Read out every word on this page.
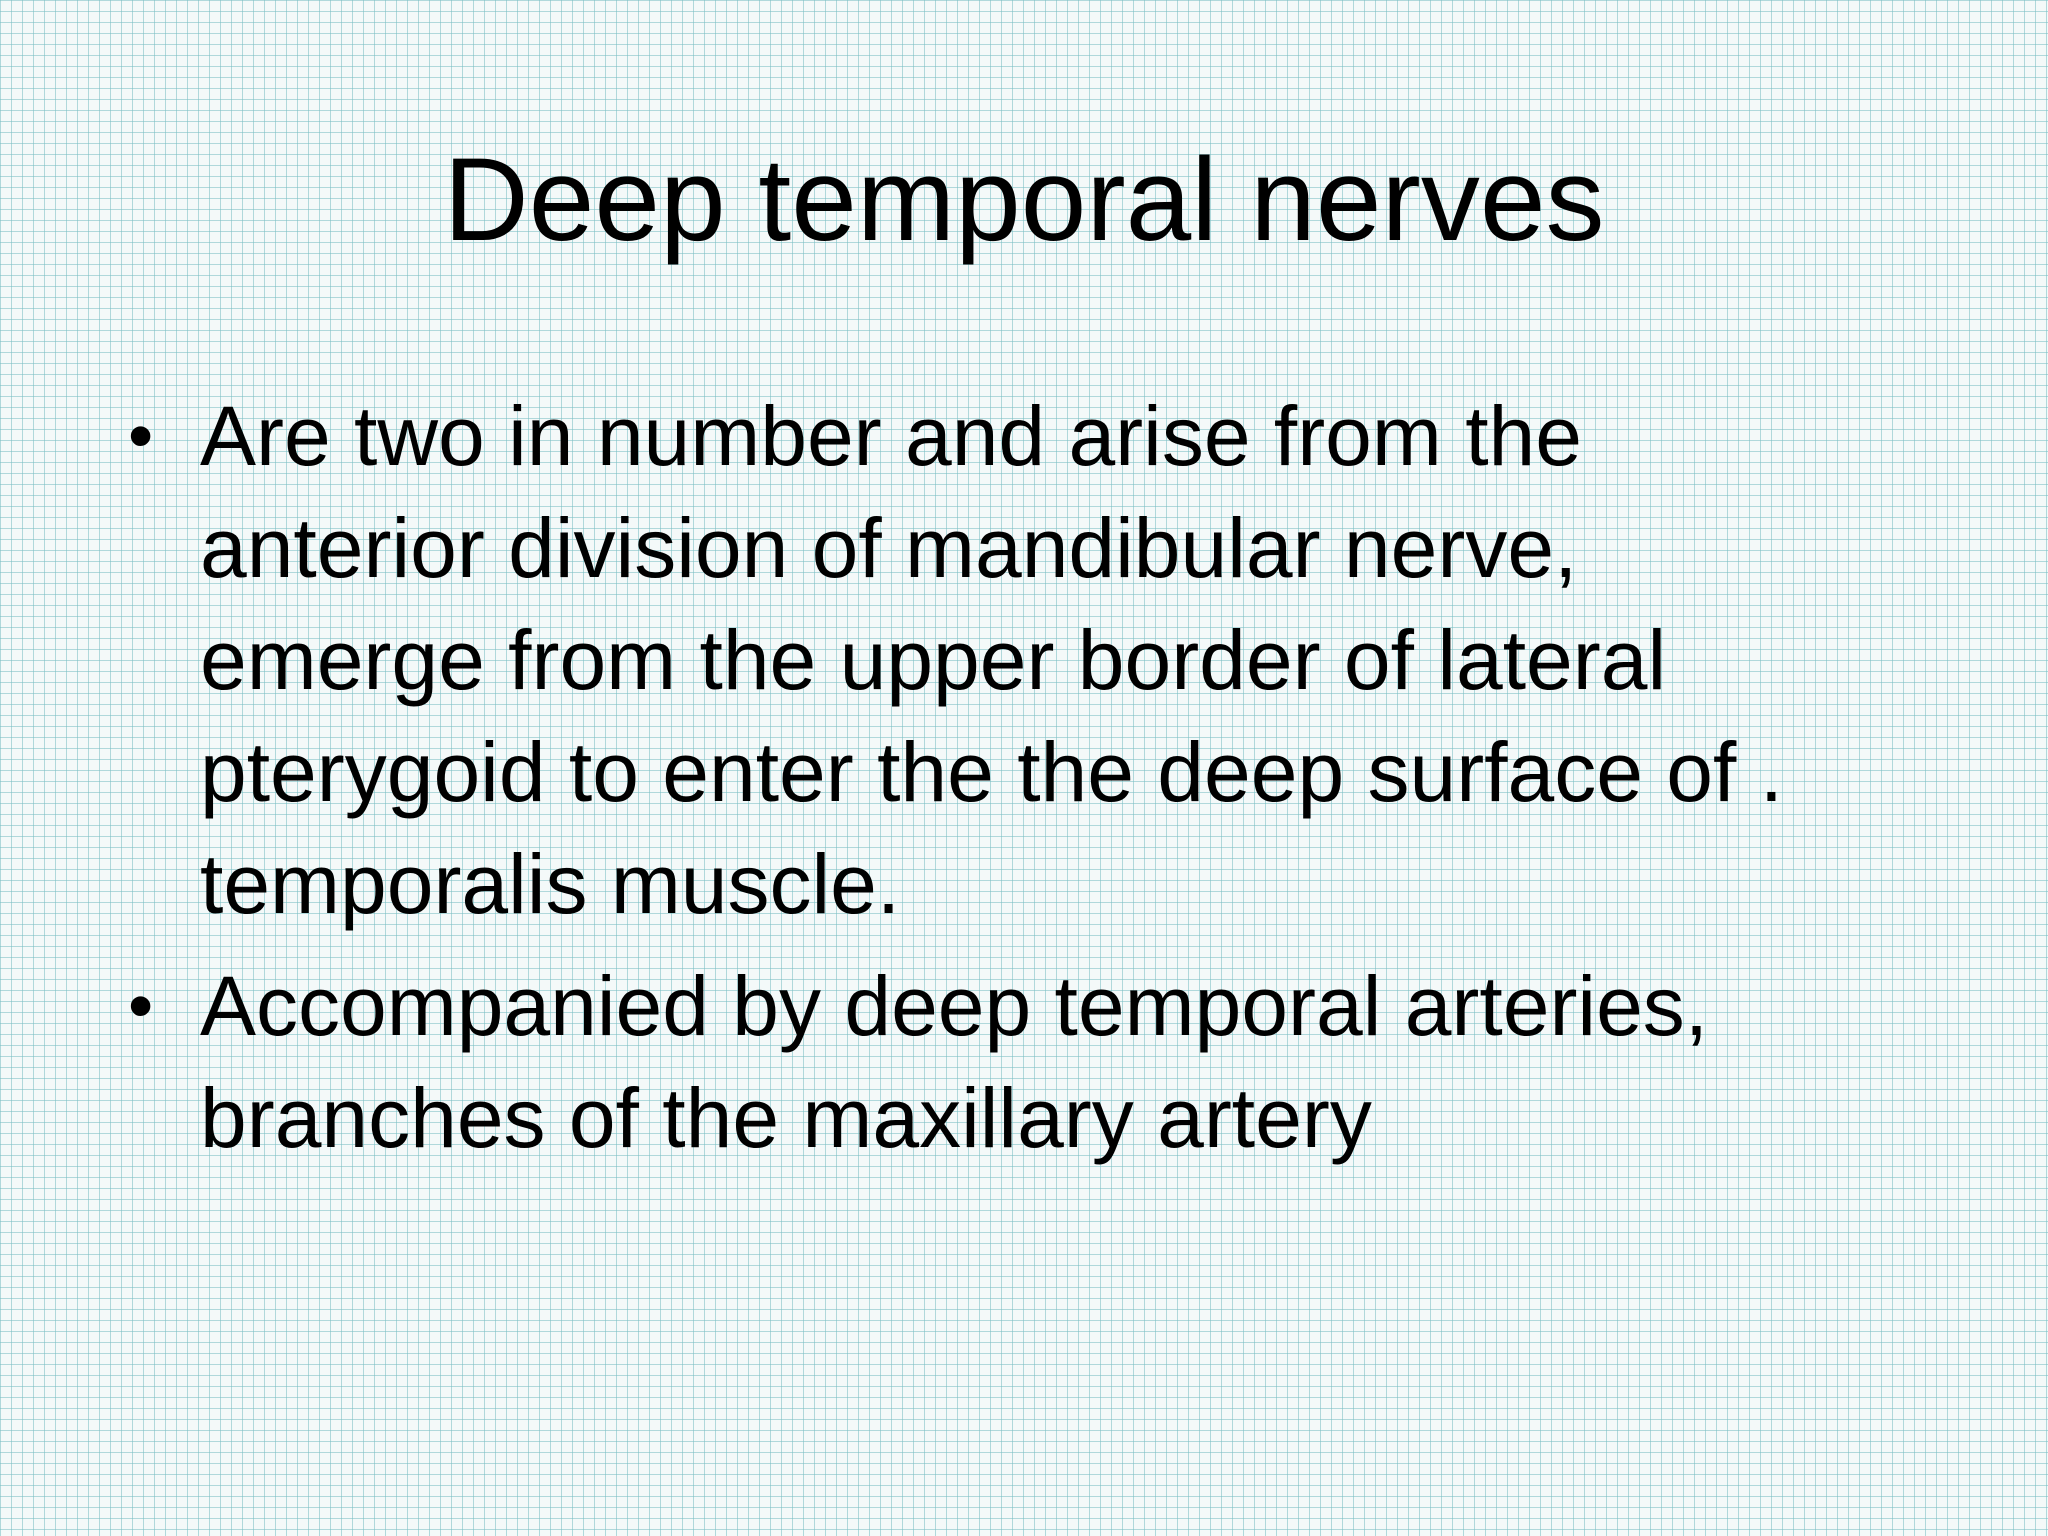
Deep temporal nerves
• Are two in number and arise from the
anterior division of mandibular nerve,
emerge from the upper border of lateral
pterygoid to enter the the deep surface of .
temporalis muscle.
• Accompanied by deep temporal arteries,
branches of the maxillary artery
